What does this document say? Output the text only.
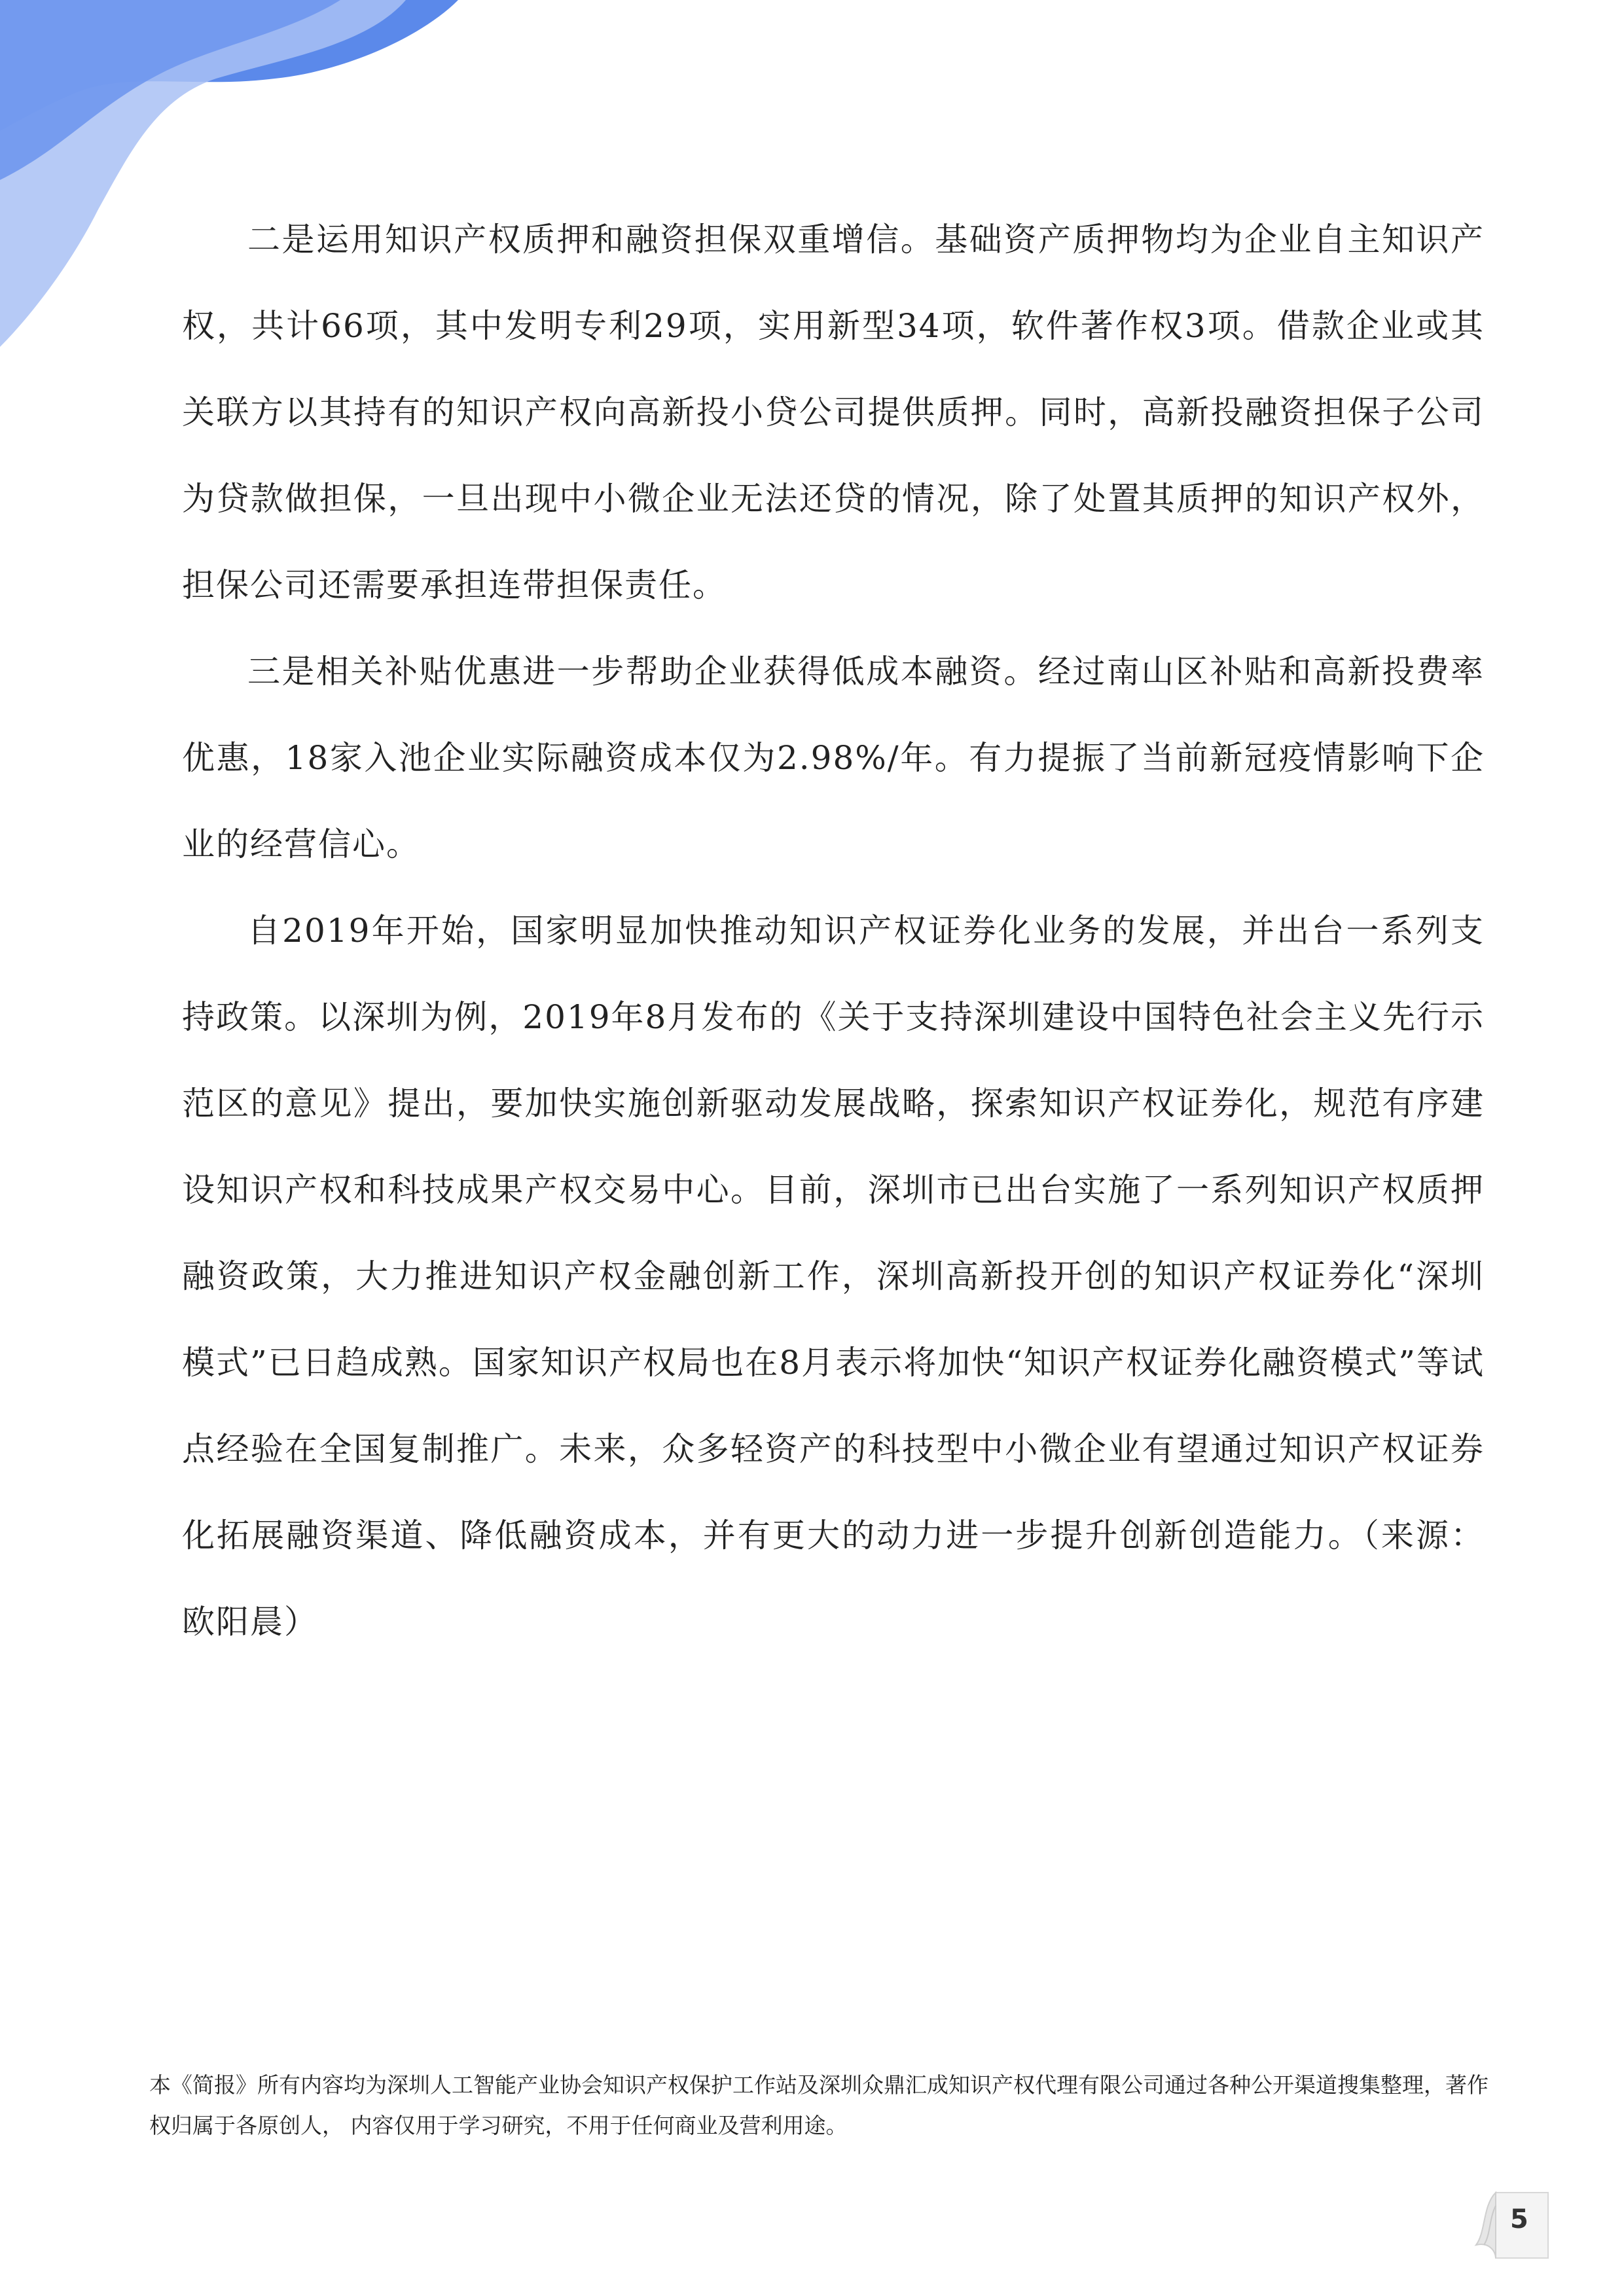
二是运用知识产权质押和融资担保双重增信。基础资产质押物均为企业自主知识产权，共计66项，其中发明专利29项，实用新型34项，软件著作权3项。借款企业或其关联方以其持有的知识产权向高新投小贷公司提供质押。同时，高新投融资担保子公司为贷款做担保，一旦出现中小微企业无法还贷的情况，除了处置其质押的知识产权外，担保公司还需要承担连带担保责任。

三是相关补贴优惠进一步帮助企业获得低成本融资。经过南山区补贴和高新投费率优惠，18家入池企业实际融资成本仅为2.98%/年。有力提振了当前新冠疫情影响下企业的经营信心。

自2019年开始，国家明显加快推动知识产权证券化业务的发展，并出台一系列支持政策。以深圳为例，2019年8月发布的《关于支持深圳建设中国特色社会主义先行示范区的意见》提出，要加快实施创新驱动发展战略，探索知识产权证券化，规范有序建设知识产权和科技成果产权交易中心。目前，深圳市已出台实施了一系列知识产权质押融资政策，大力推进知识产权金融创新工作，深圳高新投开创的知识产权证券化“深圳模式”已日趋成熟。国家知识产权局也在8月表示将加快“知识产权证券化融资模式”等试点经验在全国复制推广。未来，众多轻资产的科技型中小微企业有望通过知识产权证券化拓展融资渠道、降低融资成本，并有更大的动力进一步提升创新创造能力。（来源：欧阳晨）

本《简报》所有内容均为深圳人工智能产业协会知识产权保护工作站及深圳众鼎汇成知识产权代理有限公司通过各种公开渠道搜集整理，著作权归属于各原创人， 内容仅用于学习研究，不用于任何商业及营利用途。
5
